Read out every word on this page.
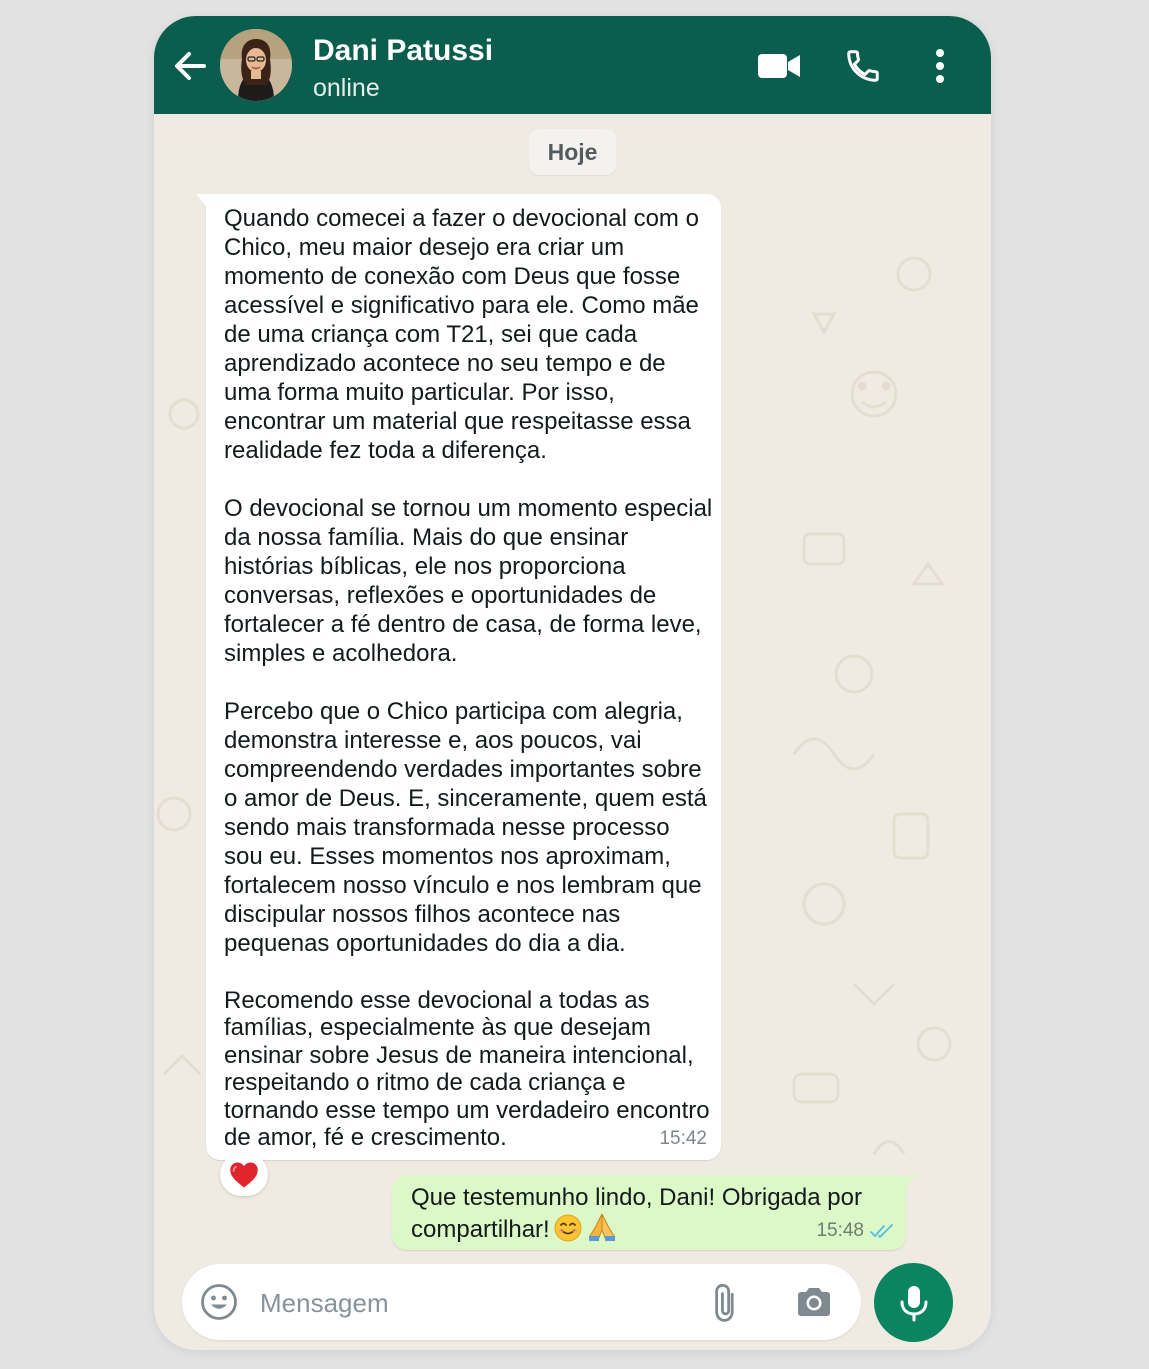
Dani Patussi
online
Hoje

Quando comecei a fazer o devocional com o Chico, meu maior desejo era criar um momento de conexão com Deus que fosse acessível e significativo para ele. Como mãe de uma criança com T21, sei que cada aprendizado acontece no seu tempo e de uma forma muito particular. Por isso, encontrar um material que respeitasse essa realidade fez toda a diferença.

O devocional se tornou um momento especial da nossa família. Mais do que ensinar histórias bíblicas, ele nos proporciona conversas, reflexões e oportunidades de fortalecer a fé dentro de casa, de forma leve, simples e acolhedora.

Percebo que o Chico participa com alegria, demonstra interesse e, aos poucos, vai compreendendo verdades importantes sobre o amor de Deus. E, sinceramente, quem está sendo mais transformada nesse processo sou eu. Esses momentos nos aproximam, fortalecem nosso vínculo e nos lembram que discipular nossos filhos acontece nas pequenas oportunidades do dia a dia.

Recomendo esse devocional a todas as famílias, especialmente às que desejam ensinar sobre Jesus de maneira intencional, respeitando o ritmo de cada criança e tornando esse tempo um verdadeiro encontro de amor, fé e crescimento.	15:42
Que testemunho lindo, Dani! Obrigada por compartilhar!	15:48
Mensagem
